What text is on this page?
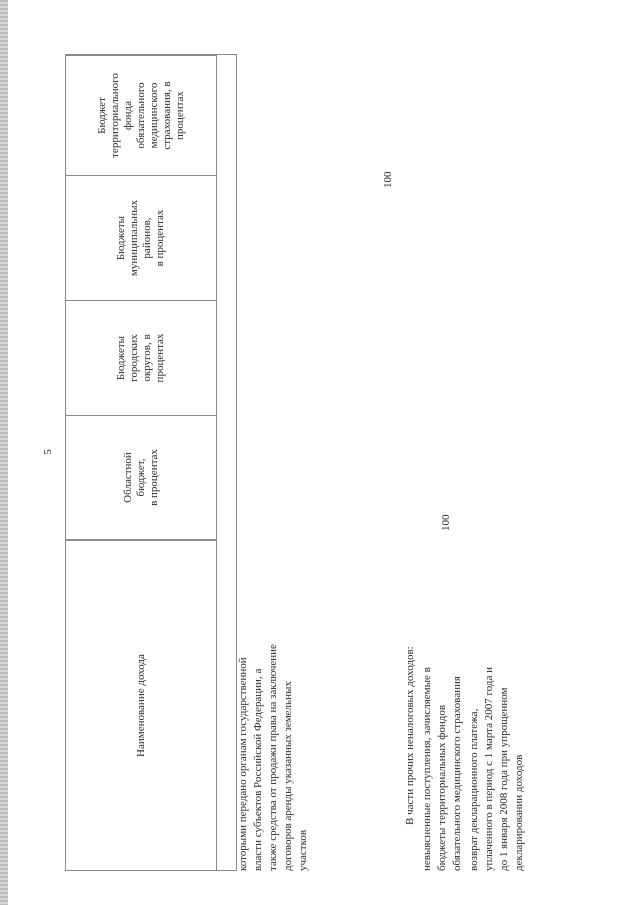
5
Наименование дохода
Областной
бюджет,
в процентах
Бюджеты
городских
округов, в
процентах
Бюджеты
муниципальных
районов,
в процентах
Бюджет
территориального
фонда
обязательного
медицинского
страхования, в
процентах
которыми передано органам государственной
власти субъектов Российской Федерации, а
также средства от продажи права на заключение
договоров аренды указанных земельных
участков
В части прочих неналоговых доходов:
невыясненные поступления, зачисляемые в
бюджеты территориальных фондов
обязательного медицинского страхования
возврат декларационного платежа,
уплаченного в период с 1 марта 2007 года и
до 1 января 2008 года при упрощенном
декларировании доходов
100
100
